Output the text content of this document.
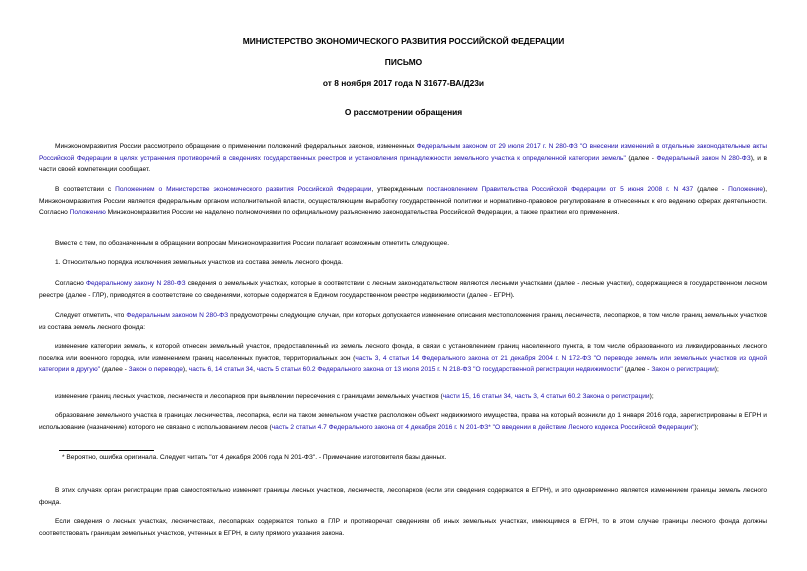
МИНИСТЕРСТВО ЭКОНОМИЧЕСКОГО РАЗВИТИЯ РОССИЙСКОЙ ФЕДЕРАЦИИ
ПИСЬМО
от 8 ноября 2017 года N 31677-ВА/Д23и
О рассмотрении обращения

Минэкономразвития России рассмотрело обращение о применении положений федеральных законов, измененных Федеральным законом от 29 июля 2017 г. N 280-ФЗ "О внесении изменений в отдельные законодательные акты Российской Федерации в целях устранения противоречий в сведениях государственных реестров и установления принадлежности земельного участка к определенной категории земель" (далее - Федеральный закон N 280-ФЗ), и в части своей компетенции сообщает.

В соответствии с Положением о Министерстве экономического развития Российской Федерации, утвержденным постановлением Правительства Российской Федерации от 5 июня 2008 г. N 437 (далее - Положение), Минэкономразвития России является федеральным органом исполнительной власти, осуществляющим выработку государственной политики и нормативно-правовое регулирование в отнесенных к его ведению сферах деятельности. Согласно Положению Минэкономразвития России не наделено полномочиями по официальному разъяснению законодательства Российской Федерации, а также практики его применения.

Вместе с тем, по обозначенным в обращении вопросам Минэкономразвития России полагает возможным отметить следующее.

1. Относительно порядка исключения земельных участков из состава земель лесного фонда.

Согласно Федеральному закону N 280-ФЗ сведения о земельных участках, которые в соответствии с лесным законодательством являются лесными участками (далее - лесные участки), содержащиеся в государственном лесном реестре (далее - ГЛР), приводятся в соответствие со сведениями, которые содержатся в Едином государственном реестре недвижимости (далее - ЕГРН).

Следует отметить, что Федеральным законом N 280-ФЗ предусмотрены следующие случаи, при которых допускается изменение описания местоположения границ лесничеств, лесопарков, в том числе границ земельных участков из состава земель лесного фонда:

изменение категории земель, к которой отнесен земельный участок, предоставленный из земель лесного фонда, в связи с установлением границ населенного пункта, в том числе образованного из ликвидированных лесного поселка или военного городка, или изменением границ населенных пунктов, территориальных зон (часть 3, 4 статьи 14 Федерального закона от 21 декабря 2004 г. N 172-ФЗ "О переводе земель или земельных участков из одной категории в другую" (далее - Закон о переводе), часть 6, 14 статьи 34, часть 5 статьи 60.2 Федерального закона от 13 июля 2015 г. N 218-ФЗ "О государственной регистрации недвижимости" (далее - Закон о регистрации);

изменение границ лесных участков, лесничеств и лесопарков при выявлении пересечения с границами земельных участков (части 15, 16 статьи 34, часть 3, 4 статьи 60.2 Закона о регистрации);

образование земельного участка в границах лесничества, лесопарка, если на таком земельном участке расположен объект недвижимого имущества, права на который возникли до 1 января 2016 года, зарегистрированы в ЕГРН и использование (назначение) которого не связано с использованием лесов (часть 2 статьи 4.7 Федерального закона от 4 декабря 2016 г. N 201-ФЗ* "О введении в действие Лесного кодекса Российской Федерации");

* Вероятно, ошибка оригинала. Следует читать "от 4 декабря 2006 года N 201-ФЗ". - Примечание изготовителя базы данных.

В этих случаях орган регистрации прав самостоятельно изменяет границы лесных участков, лесничеств, лесопарков (если эти сведения содержатся в ЕГРН), и это одновременно является изменением границы земель лесного фонда.

Если сведения о лесных участках, лесничествах, лесопарках содержатся только в ГЛР и противоречат сведениям об иных земельных участках, имеющимся в ЕГРН, то в этом случае границы лесного фонда должны соответствовать границам земельных участков, учтенных в ЕГРН, в силу прямого указания закона.
